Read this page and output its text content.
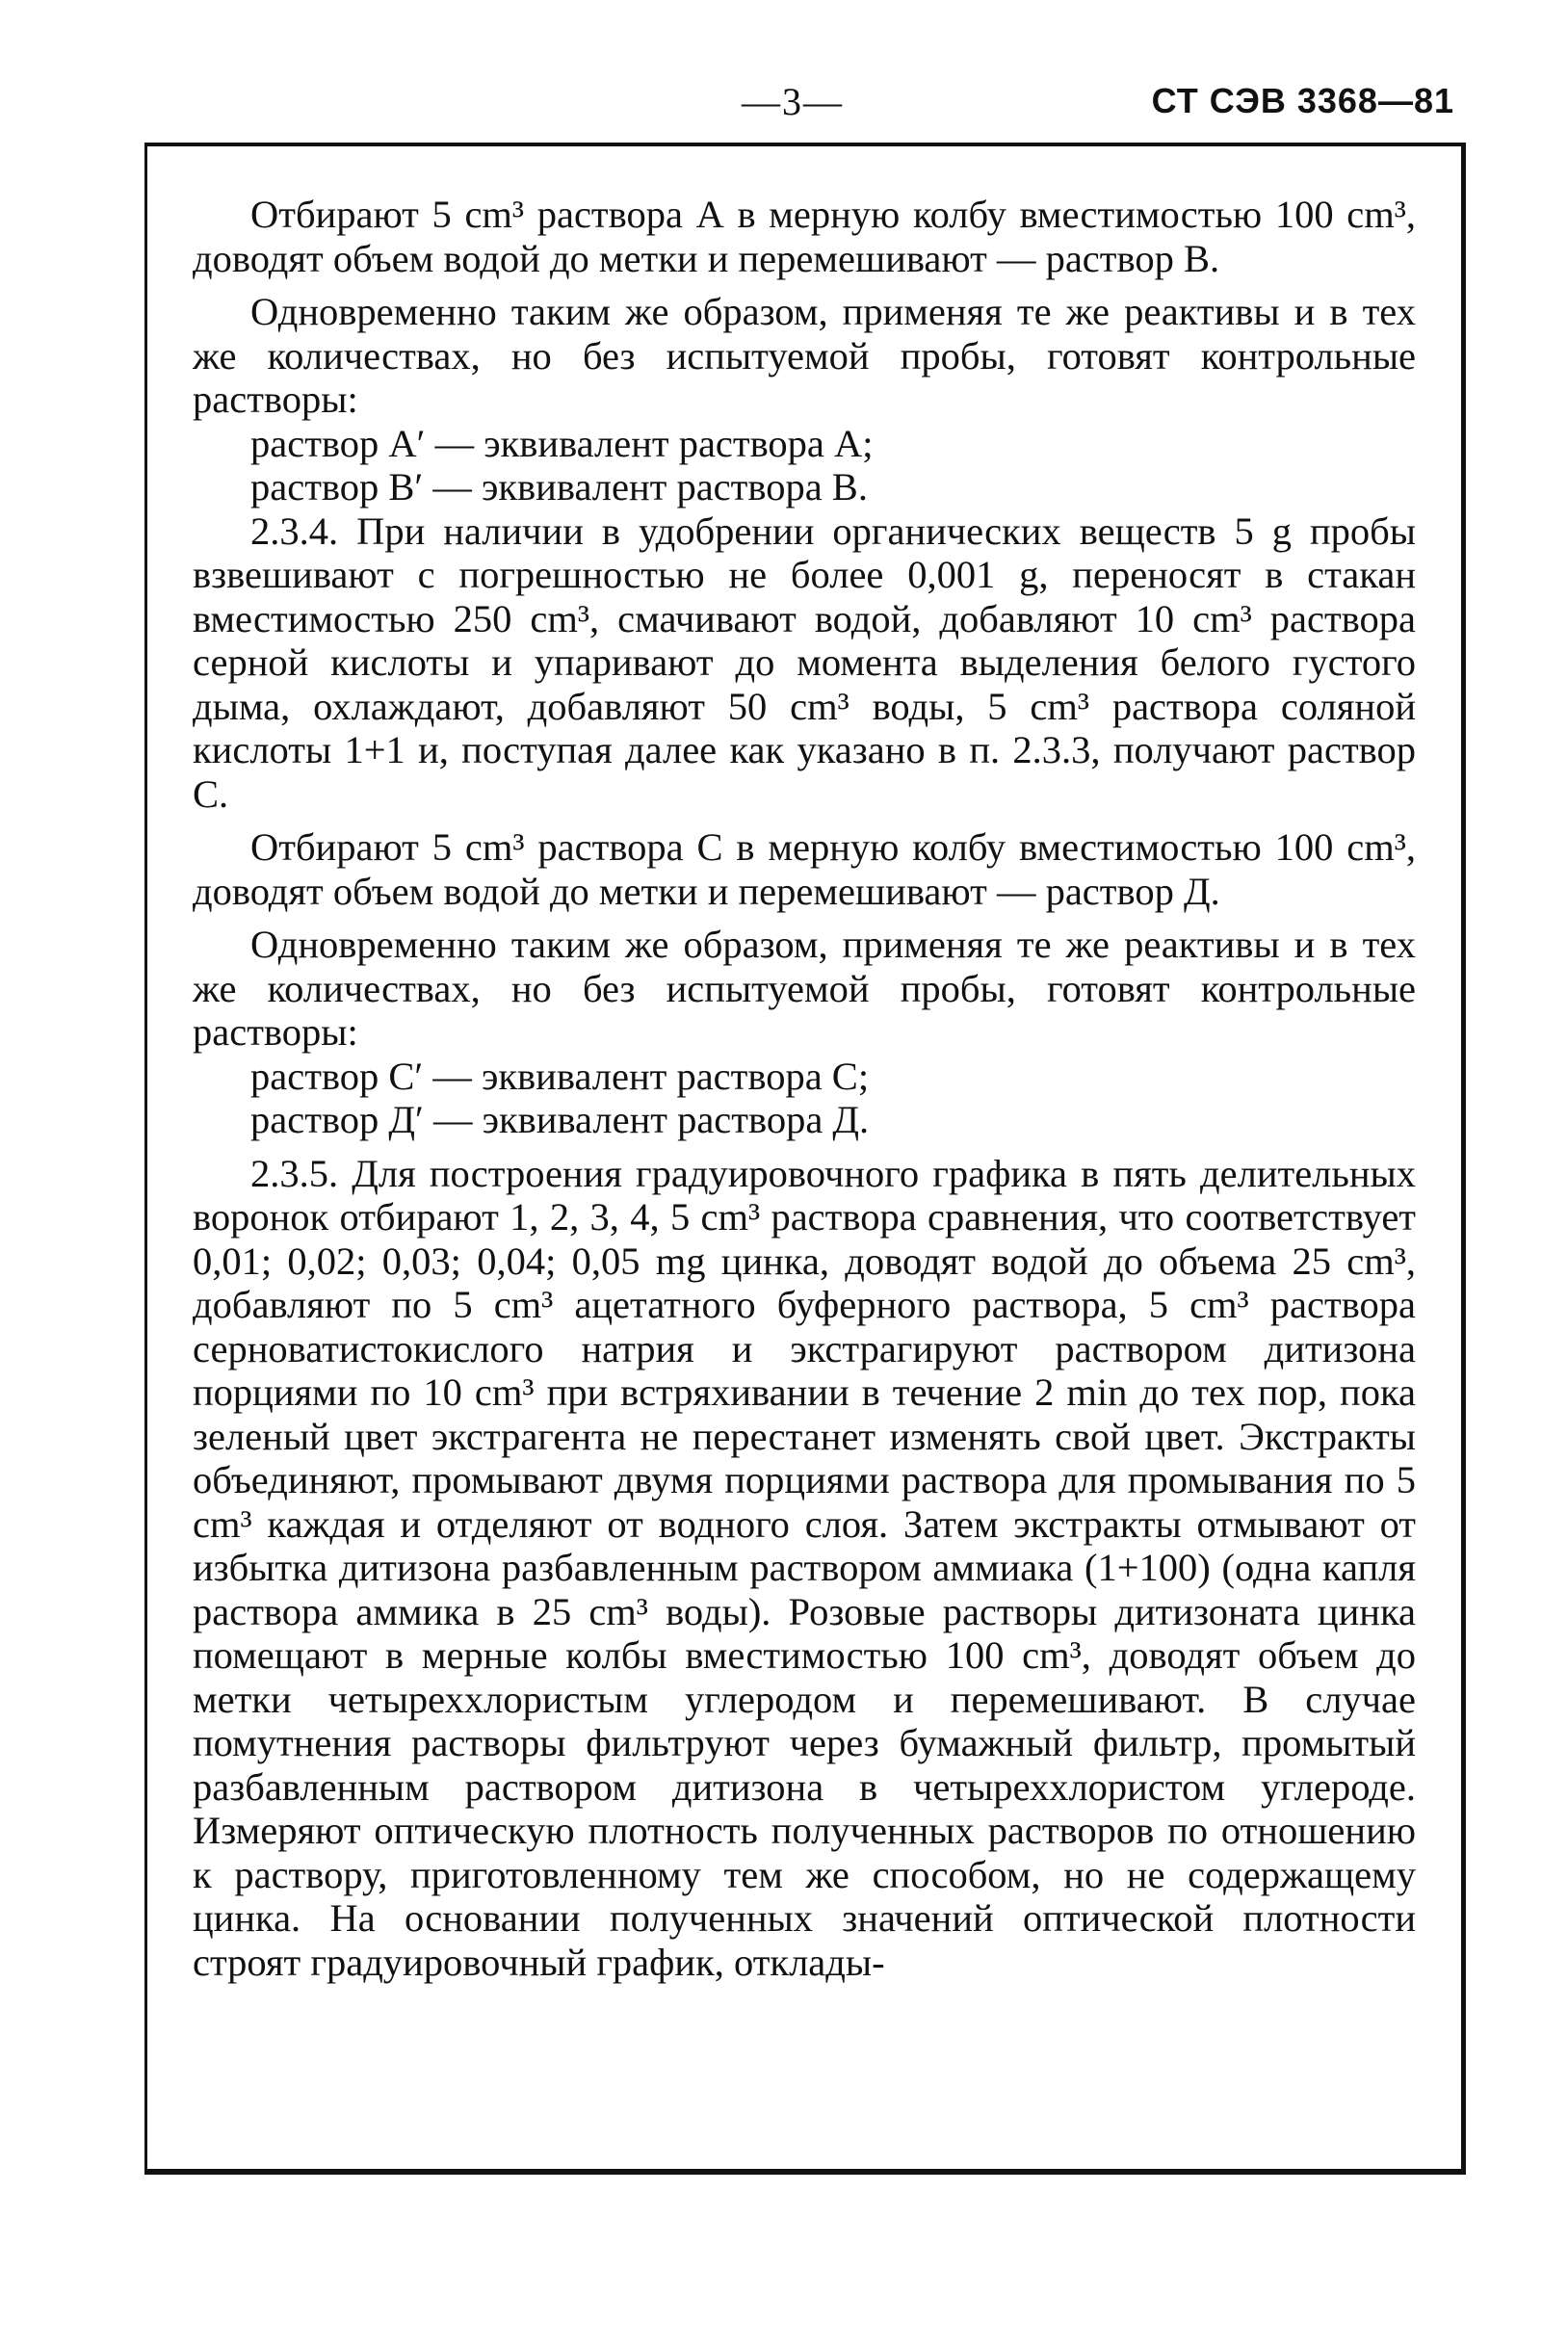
—3—	СТ СЭВ 3368—81

Отбирают 5 cm³ раствора А в мерную колбу вместимостью 100 cm³, доводят объем водой до метки и перемешивают — раствор В.

Одновременно таким же образом, применяя те же реактивы и в тех же количествах, но без испытуемой пробы, готовят контрольные растворы:

раствор А′ — эквивалент раствора А;

раствор В′ — эквивалент раствора В.

2.3.4. При наличии в удобрении органических веществ 5 g пробы взвешивают с погрешностью не более 0,001 g, переносят в стакан вместимостью 250 cm³, смачивают водой, добавляют 10 cm³ раствора серной кислоты и упаривают до момента выделения белого густого дыма, охлаждают, добавляют 50 cm³ воды, 5 cm³ раствора соляной кислоты 1+1 и, поступая далее как указано в п. 2.3.3, получают раствор С.

Отбирают 5 cm³ раствора С в мерную колбу вместимостью 100 cm³, доводят объем водой до метки и перемешивают — раствор Д.

Одновременно таким же образом, применяя те же реактивы и в тех же количествах, но без испытуемой пробы, готовят контрольные растворы:

раствор С′ — эквивалент раствора С;

раствор Д′ — эквивалент раствора Д.

2.3.5. Для построения градуировочного графика в пять делительных воронок отбирают 1, 2, 3, 4, 5 cm³ раствора сравнения, что соответствует 0,01; 0,02; 0,03; 0,04; 0,05 mg цинка, доводят водой до объема 25 cm³, добавляют по 5 cm³ ацетатного буферного раствора, 5 cm³ раствора серноватистокислого натрия и экстрагируют раствором дитизона порциями по 10 cm³ при встряхивании в течение 2 min до тех пор, пока зеленый цвет экстрагента не перестанет изменять свой цвет. Экстракты объединяют, промывают двумя порциями раствора для промывания по 5 cm³ каждая и отделяют от водного слоя. Затем экстракты отмывают от избытка дитизона разбавленным раствором аммиака (1+100) (одна капля раствора аммика в 25 cm³ воды). Розовые растворы дитизоната цинка помещают в мерные колбы вместимостью 100 cm³, доводят объем до метки четыреххлористым углеродом и перемешивают. В случае помутнения растворы фильтруют через бумажный фильтр, промытый разбавленным раствором дитизона в четыреххлористом углероде. Измеряют оптическую плотность полученных растворов по отношению к раствору, приготовленному тем же способом, но не содержащему цинка. На основании полученных значений оптической плотности строят градуировочный график, отклады-
